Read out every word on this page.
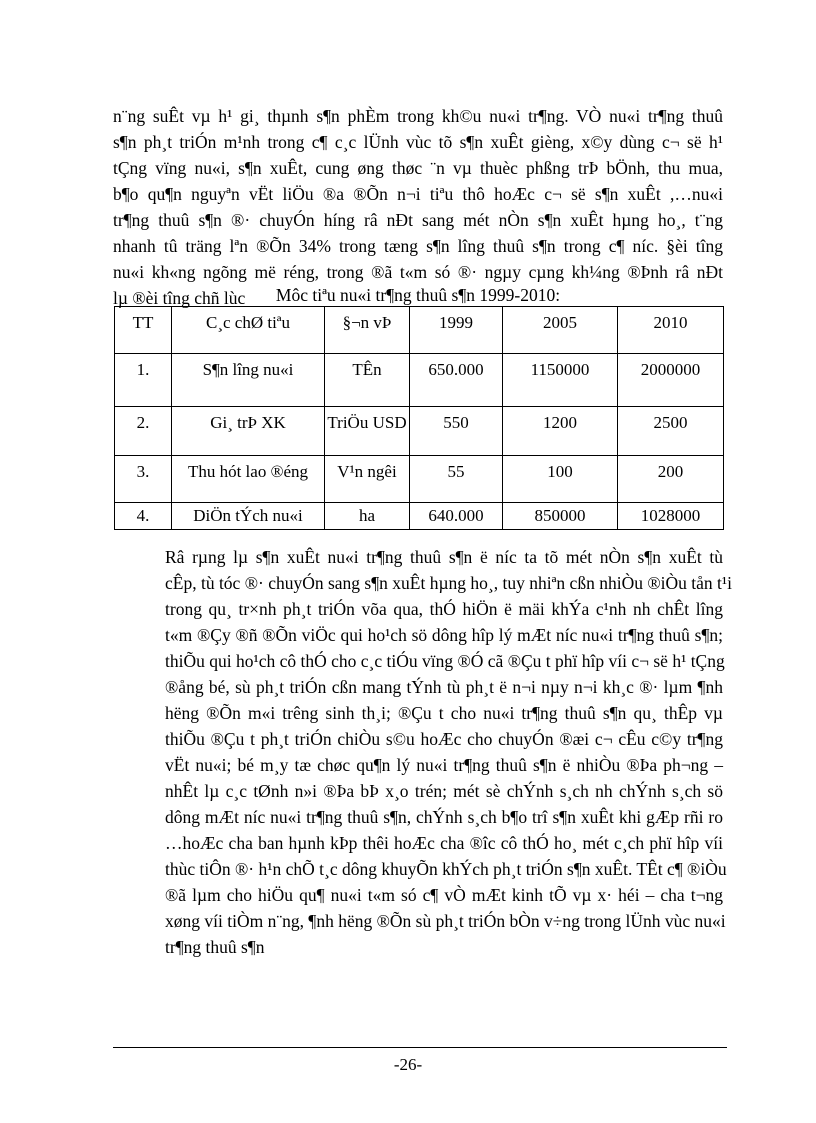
n¨ng suÊt vµ h¹ gi¸ thµnh s¶n phÈm trong kh©u nu«i tr¶ng. VÒ nu«i tr¶ng thuû
s¶n ph¸t triÓn m¹nh trong c¶ c¸c lÜnh vùc tõ s¶n xuÊt gièng, x©y dùng c¬ së h¹
tÇng vïng nu«i, s¶n xuÊt, cung øng thøc ¨n vµ thuèc phßng trÞ bÖnh, thu mua,
b¶o qu¶n nguyªn vËt liÖu ®a ®Õn n¬i tiªu thô hoÆc c¬ së s¶n xuÊt ,…nu«i
tr¶ng thuû s¶n ®· chuyÓn híng râ nÐt sang mét nÒn s¶n xuÊt hµng ho¸, t¨ng
nhanh tû träng lªn ®Õn 34% trong tæng s¶n lîng thuû s¶n trong c¶ níc. §èi tîng
nu«i kh«ng ngõng më réng, trong ®ã t«m só ®· ngµy cµng kh¼ng ®Þnh râ nÐt
lµ ®èi tîng chñ lùc	Môc tiªu nu«i tr¶ng thuû s¶n 1999-2010:
TT	C¸c chØ tiªu	§¬n vÞ	1999	2005	2010
1.	S¶n lîng nu«i	TÊn	650.000	1150000	2000000
2.	Gi¸ trÞ XK	TriÖu USD	550	1200	2500
3.	Thu hót lao ®éng	V¹n ngêi	55	100	200
4.	DiÖn tÝch nu«i	ha	640.000	850000	1028000

Râ rµng lµ s¶n xuÊt nu«i tr¶ng thuû s¶n ë níc ta tõ mét nÒn s¶n xuÊt tù
cÊp, tù tóc ®· chuyÓn sang s¶n xuÊt hµng ho¸, tuy nhiªn cßn nhiÒu ®iÒu tån t¹i
trong qu¸ tr×nh ph¸t triÓn võa qua, thÓ hiÖn ë mäi khÝa c¹nh nh chÊt lîng
t«m ®Çy ®ñ ®Õn viÖc qui ho¹ch sö dông hîp lý mÆt níc nu«i tr¶ng thuû s¶n;
thiÕu qui ho¹ch cô thÓ cho c¸c tiÓu vïng ®Ó cã ®Çu t phï hîp víi c¬ së h¹ tÇng
®ång bé, sù ph¸t triÓn cßn mang tÝnh tù ph¸t ë n¬i nµy n¬i kh¸c ®· lµm ¶nh
hëng ®Õn m«i trêng sinh th¸i; ®Çu t cho nu«i tr¶ng thuû s¶n qu¸ thÊp vµ
thiÕu ®Çu t ph¸t triÓn chiÒu s©u hoÆc cho chuyÓn ®æi c¬ cÊu c©y tr¶ng
vËt nu«i; bé m¸y tæ chøc qu¶n lý nu«i tr¶ng thuû s¶n ë nhiÒu ®Þa ph¬ng –
nhÊt lµ c¸c tØnh n»i ®Þa bÞ x¸o trén; mét sè chÝnh s¸ch nh chÝnh s¸ch sö
dông mÆt níc nu«i tr¶ng thuû s¶n, chÝnh s¸ch b¶o trî s¶n xuÊt khi gÆp rñi ro
…hoÆc cha ban hµnh kÞp thêi hoÆc cha ®îc cô thÓ ho¸ mét c¸ch phï hîp víi
thùc tiÔn ®· h¹n chÕ t¸c dông khuyÕn khÝch ph¸t triÓn s¶n xuÊt. TÊt c¶ ®iÒu
®ã lµm cho hiÖu qu¶ nu«i t«m só c¶ vÒ mÆt kinh tÕ vµ x· héi – cha t¬ng
xøng víi tiÒm n¨ng, ¶nh hëng ®Õn sù ph¸t triÓn bÒn v÷ng trong lÜnh vùc nu«i
tr¶ng thuû s¶n

-26-
